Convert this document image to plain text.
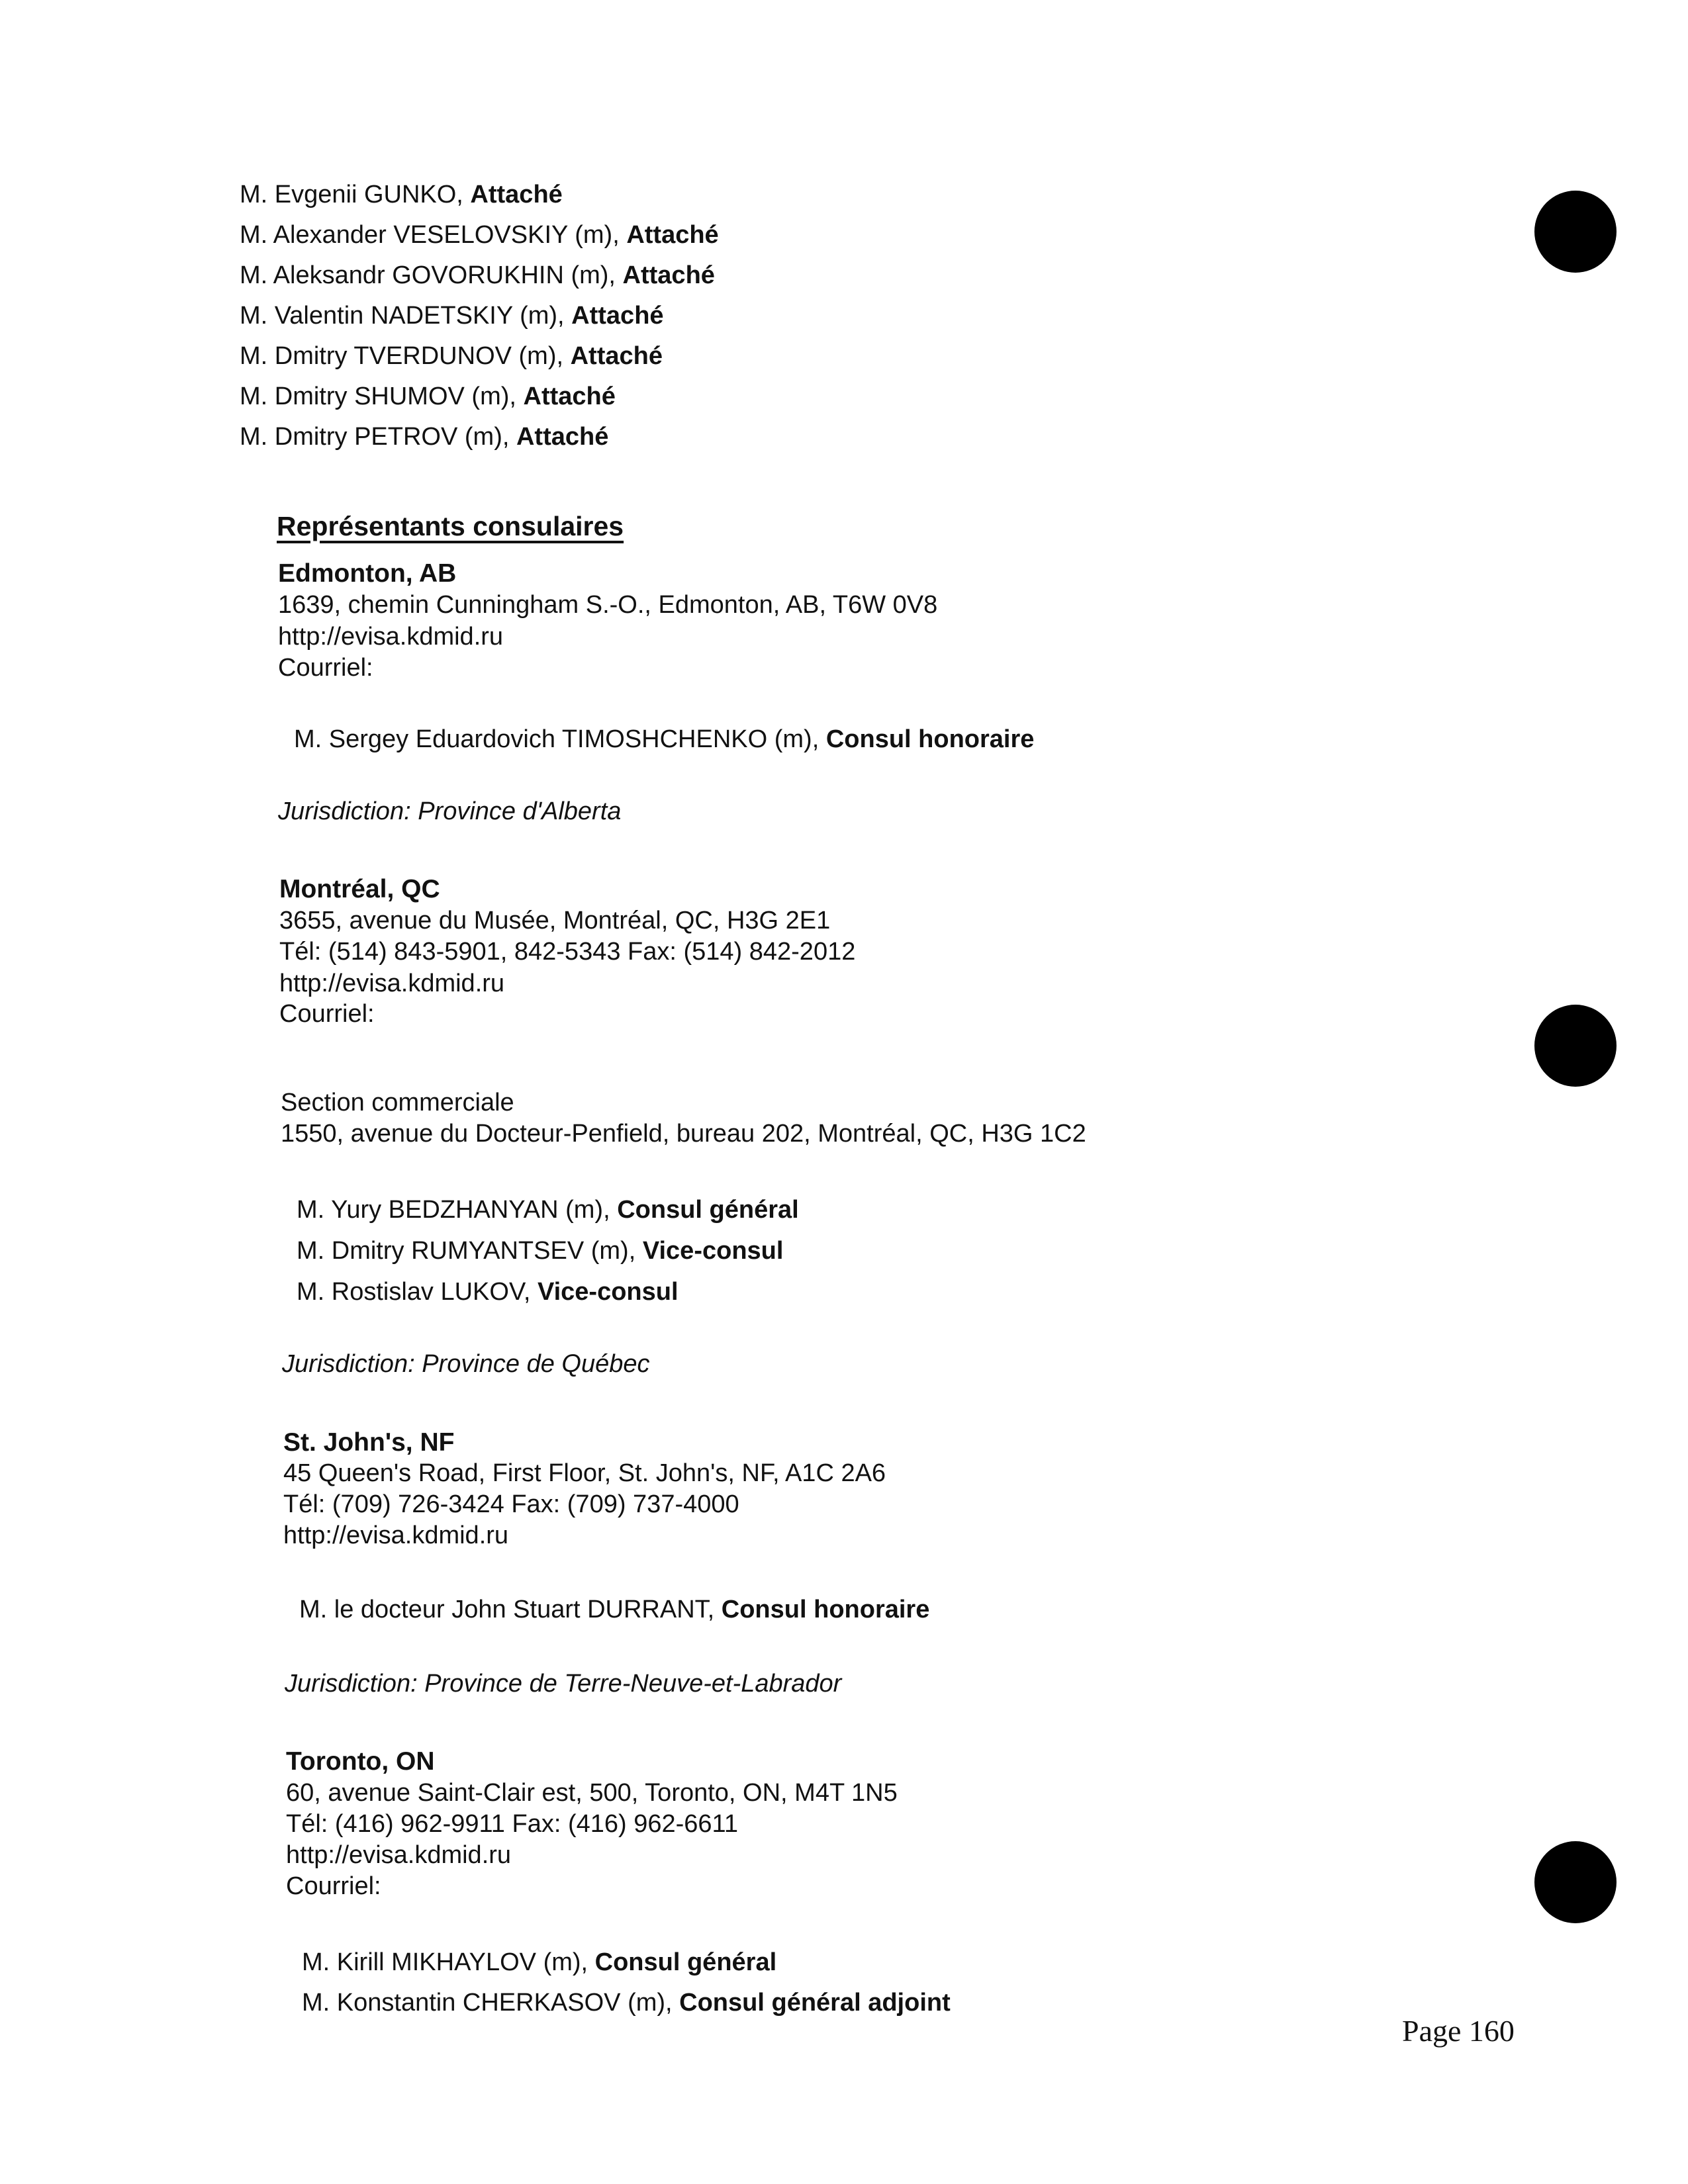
M. Evgenii GUNKO, Attaché
M. Alexander VESELOVSKIY (m), Attaché
M. Aleksandr GOVORUKHIN (m), Attaché
M. Valentin NADETSKIY (m), Attaché
M. Dmitry TVERDUNOV (m), Attaché
M. Dmitry SHUMOV (m), Attaché
M. Dmitry PETROV (m), Attaché
Représentants consulaires
Edmonton, AB
1639, chemin Cunningham S.-O., Edmonton, AB, T6W 0V8
http://evisa.kdmid.ru
Courriel:
M. Sergey Eduardovich TIMOSHCHENKO (m), Consul honoraire
Jurisdiction: Province d'Alberta
Montréal, QC
3655, avenue du Musée, Montréal, QC, H3G 2E1
Tél: (514) 843-5901, 842-5343 Fax: (514) 842-2012
http://evisa.kdmid.ru
Courriel:
Section commerciale
1550, avenue du Docteur-Penfield, bureau 202, Montréal, QC, H3G 1C2
M. Yury BEDZHANYAN (m), Consul général
M. Dmitry RUMYANTSEV (m), Vice-consul
M. Rostislav LUKOV, Vice-consul
Jurisdiction: Province de Québec
St. John's, NF
45 Queen's Road, First Floor, St. John's, NF, A1C 2A6
Tél: (709) 726-3424 Fax: (709) 737-4000
http://evisa.kdmid.ru
M. le docteur John Stuart DURRANT, Consul honoraire
Jurisdiction: Province de Terre-Neuve-et-Labrador
Toronto, ON
60, avenue Saint-Clair est, 500, Toronto, ON, M4T 1N5
Tél: (416) 962-9911 Fax: (416) 962-6611
http://evisa.kdmid.ru
Courriel:
M. Kirill MIKHAYLOV (m), Consul général
M. Konstantin CHERKASOV (m), Consul général adjoint
Page 160
